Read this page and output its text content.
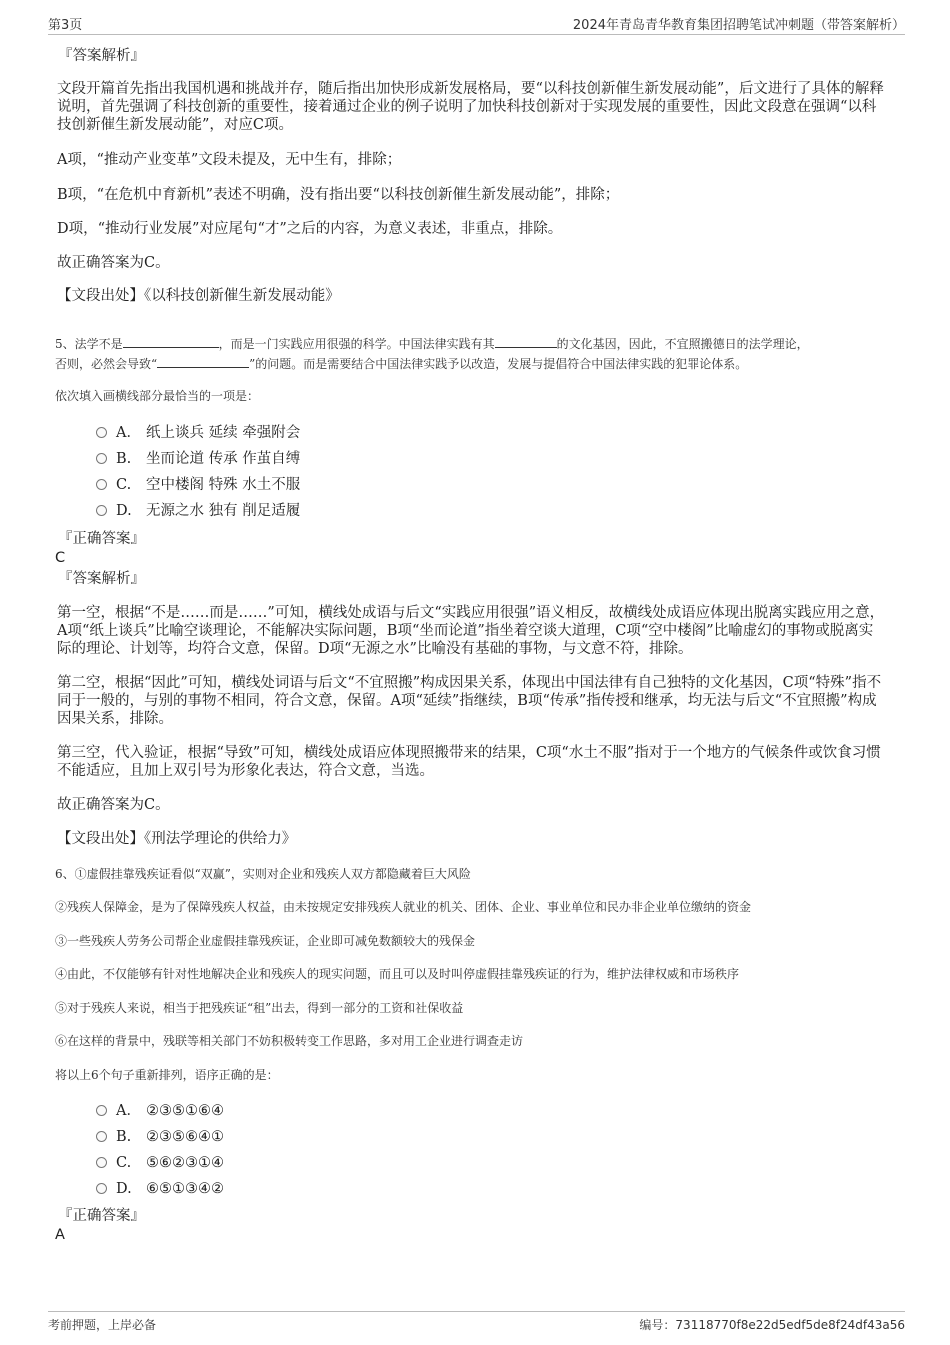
第3页	2024年青岛青华教育集团招聘笔试冲刺题（带答案解析）
『答案解析』
文段开篇首先指出我国机遇和挑战并存，随后指出加快形成新发展格局，要“以科技创新催生新发展动能”，后文进行了具体的解释说明，首先强调了科技创新的重要性，接着通过企业的例子说明了加快科技创新对于实现发展的重要性，因此文段意在强调“以科技创新催生新发展动能”，对应C项。
A项，“推动产业变革”文段未提及，无中生有，排除；
B项，“在危机中育新机”表述不明确，没有指出要“以科技创新催生新发展动能”，排除；
D项，“推动行业发展”对应尾句“才”之后的内容，为意义表述，非重点，排除。
故正确答案为C。
【文段出处】《以科技创新催生新发展动能》
5、法学不是	，而是一门实践应用很强的科学。中国法律实践有其	的文化基因，因此，不宜照搬德日的法学理论，
否则，必然会导致“	”的问题。而是需要结合中国法律实践予以改造，发展与提倡符合中国法律实践的犯罪论体系。
依次填入画横线部分最恰当的一项是：
A． 纸上谈兵 延续 牵强附会
B. 坐而论道 传承 作茧自缚
C. 空中楼阁 特殊 水土不服
D. 无源之水 独有 削足适履
『正确答案』
C
『答案解析』
第一空，根据“不是……而是……”可知，横线处成语与后文“实践应用很强”语义相反，故横线处成语应体现出脱离实践应用之意，A项“纸上谈兵”比喻空谈理论，不能解决实际问题，B项“坐而论道”指坐着空谈大道理，C项“空中楼阁”比喻虚幻的事物或脱离实际的理论、计划等，均符合文意，保留。D项“无源之水”比喻没有基础的事物，与文意不符，排除。
第二空，根据“因此”可知，横线处词语与后文“不宜照搬”构成因果关系，体现出中国法律有自己独特的文化基因，C项“特殊”指不同于一般的，与别的事物不相同，符合文意，保留。A项“延续”指继续，B项“传承”指传授和继承，均无法与后文“不宜照搬”构成因果关系，排除。
第三空，代入验证，根据“导致”可知，横线处成语应体现照搬带来的结果，C项“水土不服”指对于一个地方的气候条件或饮食习惯不能适应，且加上双引号为形象化表达，符合文意，当选。
故正确答案为C。
【文段出处】《刑法学理论的供给力》
6、①虚假挂靠残疾证看似“双赢”，实则对企业和残疾人双方都隐藏着巨大风险
②残疾人保障金，是为了保障残疾人权益，由未按规定安排残疾人就业的机关、团体、企业、事业单位和民办非企业单位缴纳的资金
③一些残疾人劳务公司帮企业虚假挂靠残疾证，企业即可减免数额较大的残保金
④由此，不仅能够有针对性地解决企业和残疾人的现实问题，而且可以及时叫停虚假挂靠残疾证的行为，维护法律权威和市场秩序
⑤对于残疾人来说，相当于把残疾证“租”出去，得到一部分的工资和社保收益
⑥在这样的背景中，残联等相关部门不妨积极转变工作思路，多对用工企业进行调查走访
将以上6个句子重新排列，语序正确的是：
A． ②③⑤①⑥④
B. ②③⑤⑥④①
C. ⑤⑥②③①④
D. ⑥⑤①③④②
『正确答案』
A
考前押题，上岸必备	编号：73118770f8e22d5edf5de8f24df43a56
